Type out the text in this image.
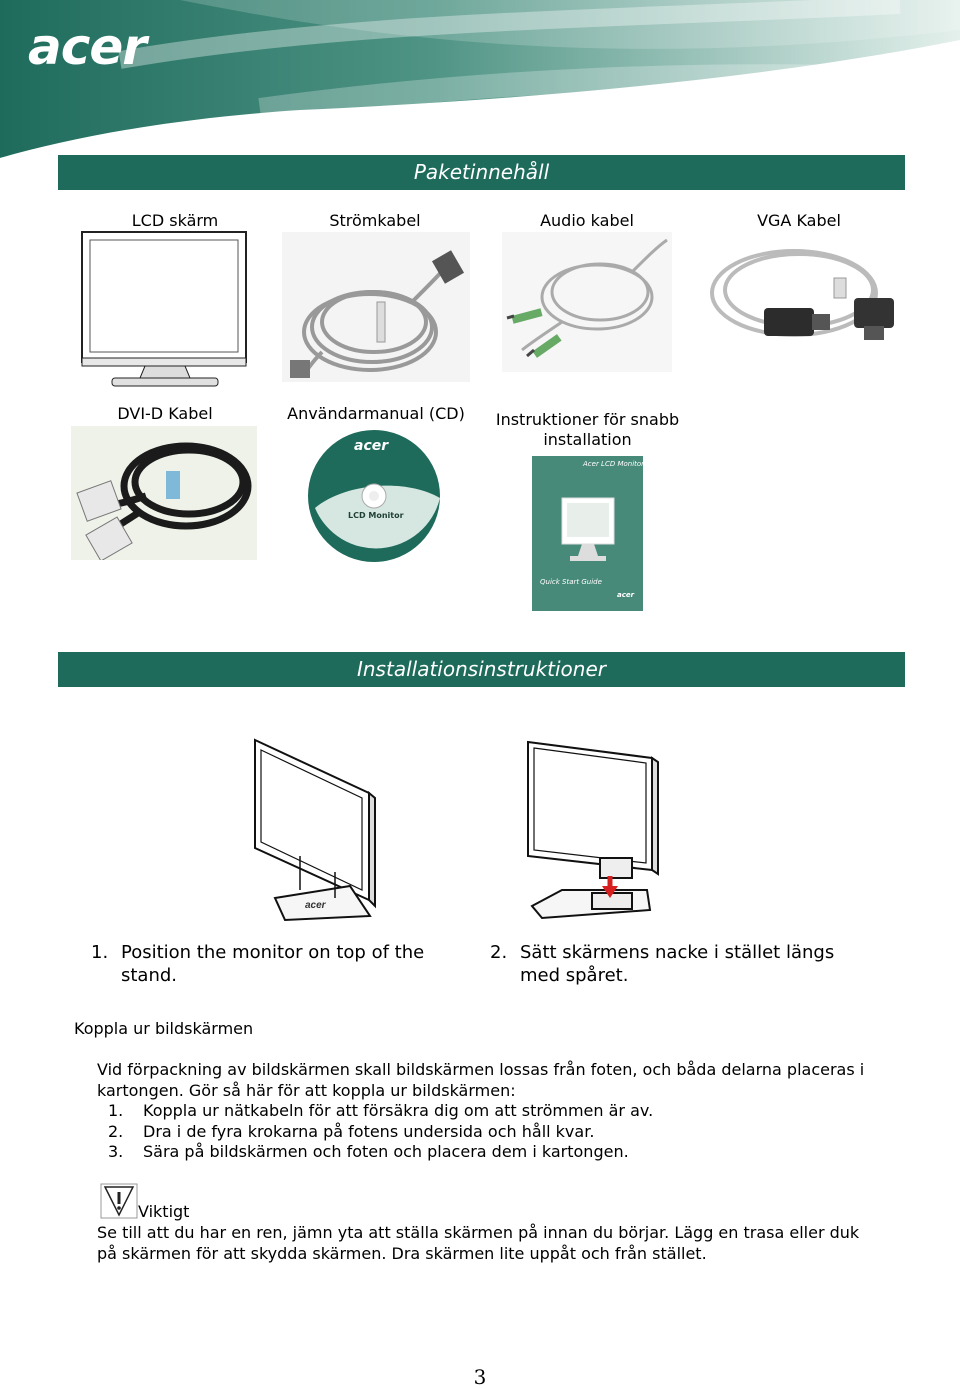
acer
Paketinnehåll
LCD skärm	Strömkabel	Audio kabel	VGA Kabel
DVI-D Kabel	Användarmanual (CD)	Instruktioner för snabb installation
acer
LCD Monitor
Acer LCD Monitor
Quick Start Guide
acer
Installationsinstruktioner
acer
1. Position the monitor on top of the stand.
2. Sätt skärmens nacke i stället längs med spåret.
Koppla ur bildskärmen
Vid förpackning av bildskärmen skall bildskärmen lossas från foten, och båda delarna placeras i kartongen. Gör så här för att koppla ur bildskärmen:
1. Koppla ur nätkabeln för att försäkra dig om att strömmen är av.
2. Dra i de fyra krokarna på fotens undersida och håll kvar.
3. Sära på bildskärmen och foten och placera dem i kartongen.
Viktigt
Se till att du har en ren, jämn yta att ställa skärmen på innan du börjar. Lägg en trasa eller duk på skärmen för att skydda skärmen. Dra skärmen lite uppåt och från stället.
3
